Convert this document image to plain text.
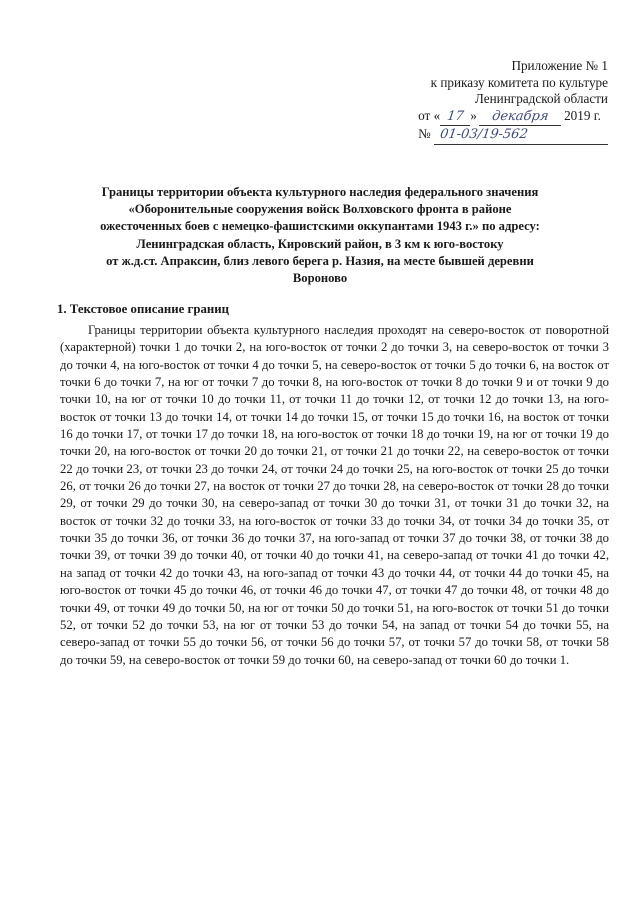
Приложение № 1
к приказу комитета по культуре
Ленинградской области
от « 17 » декабря 2019 г.
№ 01-03/19-562
Границы территории объекта культурного наследия федерального значения
«Оборонительные сооружения войск Волховского фронта в районе
ожесточенных боев с немецко-фашистскими оккупантами 1943 г.» по адресу:
Ленинградская область, Кировский район, в 3 км к юго-востоку
от ж.д.ст. Апраксин, близ левого берега р. Назия, на месте бывшей деревни
Вороново
1. Текстовое описание границ
Границы территории объекта культурного наследия проходят на северо-восток от поворотной (характерной) точки 1 до точки 2, на юго-восток от точки 2 до точки 3, на северо-восток от точки 3 до точки 4, на юго-восток от точки 4 до точки 5, на северо-восток от точки 5 до точки 6, на восток от точки 6 до точки 7, на юг от точки 7 до точки 8, на юго-восток от точки 8 до точки 9 и от точки 9 до точки 10, на юг от точки 10 до точки 11, от точки 11 до точки 12, от точки 12 до точки 13, на юго-восток от точки 13 до точки 14, от точки 14 до точки 15, от точки 15 до точки 16, на восток от точки 16 до точки 17, от точки 17 до точки 18, на юго-восток от точки 18 до точки 19, на юг от точки 19 до точки 20, на юго-восток от точки 20 до точки 21, от точки 21 до точки 22, на северо-восток от точки 22 до точки 23, от точки 23 до точки 24, от точки 24 до точки 25, на юго-восток от точки 25 до точки 26, от точки 26 до точки 27, на восток от точки 27 до точки 28, на северо-восток от точки 28 до точки 29, от точки 29 до точки 30, на северо-запад от точки 30 до точки 31, от точки 31 до точки 32, на восток от точки 32 до точки 33, на юго-восток от точки 33 до точки 34, от точки 34 до точки 35, от точки 35 до точки 36, от точки 36 до точки 37, на юго-запад от точки 37 до точки 38, от точки 38 до точки 39, от точки 39 до точки 40, от точки 40 до точки 41, на северо-запад от точки 41 до точки 42, на запад от точки 42 до точки 43, на юго-запад от точки 43 до точки 44, от точки 44 до точки 45, на юго-восток от точки 45 до точки 46, от точки 46 до точки 47, от точки 47 до точки 48, от точки 48 до точки 49, от точки 49 до точки 50, на юг от точки 50 до точки 51, на юго-восток от точки 51 до точки 52, от точки 52 до точки 53, на юг от точки 53 до точки 54, на запад от точки 54 до точки 55, на северо-запад от точки 55 до точки 56, от точки 56 до точки 57, от точки 57 до точки 58, от точки 58 до точки 59, на северо-восток от точки 59 до точки 60, на северо-запад от точки 60 до точки 1.
